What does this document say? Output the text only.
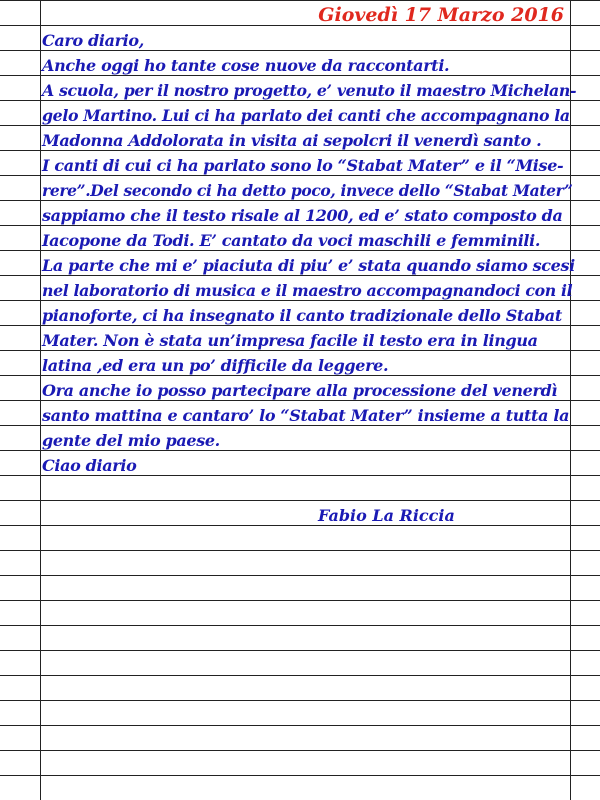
Giovedì 17 Marzo 2016
Caro diario,
Anche oggi ho tante cose nuove da raccontarti.
A scuola, per il nostro progetto, e’ venuto il maestro Michelan-
gelo Martino. Lui ci ha parlato dei canti che accompagnano la
Madonna Addolorata in visita ai sepolcri il venerdì santo .
I canti di cui ci ha parlato sono lo “Stabat Mater” e il “Mise-
rere”.Del secondo ci ha detto poco, invece dello “Stabat Mater”
sappiamo che il testo risale al 1200, ed e’ stato composto da
Iacopone da Todi. E’ cantato da voci maschili e femminili.
La parte che mi e’ piaciuta di piu’ e’ stata quando siamo scesi
nel laboratorio di musica e il maestro accompagnandoci con il
pianoforte, ci ha insegnato il canto tradizionale dello Stabat
Mater. Non è stata un’impresa facile il testo era in lingua
latina ,ed era un po’ difficile da leggere.
Ora anche io posso partecipare alla processione del venerdì
santo mattina e cantaro’ lo “Stabat Mater” insieme a tutta la
gente del mio paese.
Ciao diario
Fabio La Riccia
